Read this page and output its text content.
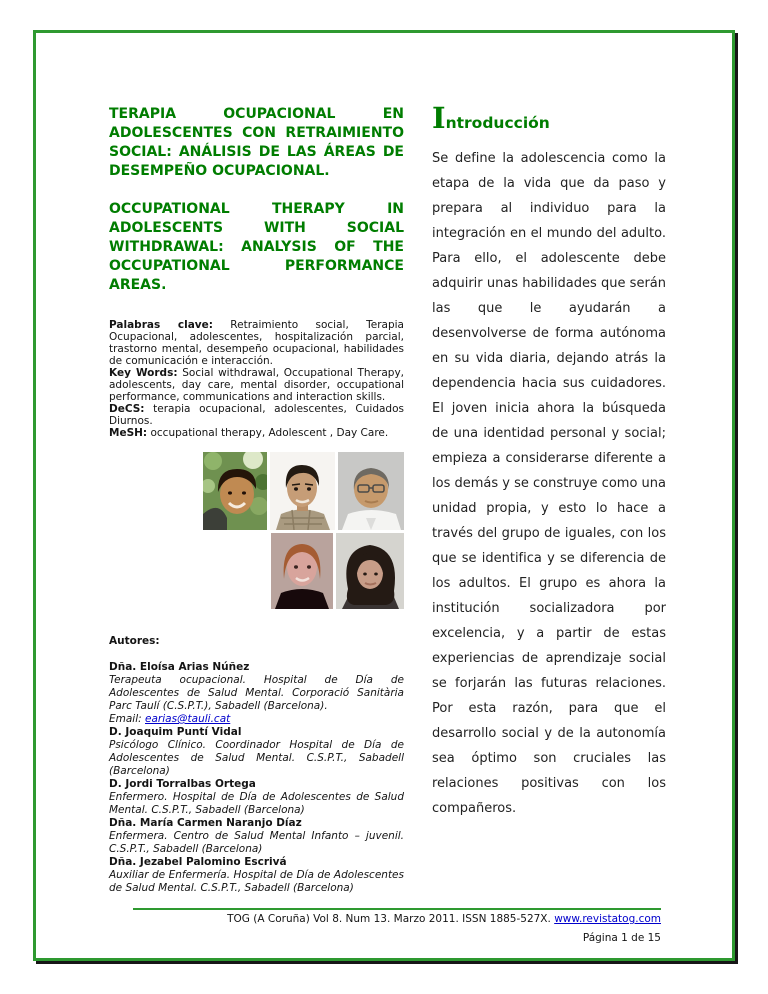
TERAPIA OCUPACIONAL EN ADOLESCENTES CON RETRAIMIENTO SOCIAL: ANÁLISIS DE LAS ÁREAS DE DESEMPEÑO OCUPACIONAL.
OCCUPATIONAL THERAPY IN ADOLESCENTS WITH SOCIAL WITHDRAWAL: ANALYSIS OF THE OCCUPATIONAL PERFORMANCE AREAS.

Palabras clave: Retraimiento social, Terapia Ocupacional, adolescentes, hospitalización parcial, trastorno mental, desempeño ocupacional, habilidades de comunicación e interacción.

Key Words: Social withdrawal, Occupational Therapy, adolescents, day care, mental disorder, occupational performance, communications and interaction skills.

DeCS: terapia ocupacional, adolescentes, Cuidados Diurnos.

MeSH: occupational therapy, Adolescent , Day Care.

Autores:

Dña. Eloísa Arias Núñez

Terapeuta ocupacional. Hospital de Día de Adolescentes de Salud Mental. Corporació Sanitària Parc Taulí (C.S.P.T.), Sabadell (Barcelona).

Email: earias@tauli.cat

D. Joaquim Puntí Vidal

Psicólogo Clínico. Coordinador Hospital de Día de Adolescentes de Salud Mental. C.S.P.T., Sabadell (Barcelona)

D. Jordi Torralbas Ortega

Enfermero. Hospital de Día de Adolescentes de Salud Mental. C.S.P.T., Sabadell (Barcelona)

Dña. María Carmen Naranjo Díaz

Enfermera. Centro de Salud Mental Infanto – juvenil. C.S.P.T., Sabadell (Barcelona)

Dña. Jezabel Palomino Escrivá

Auxiliar de Enfermería. Hospital de Día de Adolescentes de Salud Mental. C.S.P.T., Sabadell (Barcelona)

Introducción

Se define la adolescencia como la etapa de la vida que da paso y prepara al individuo para la integración en el mundo del adulto. Para ello, el adolescente debe adquirir unas habilidades que serán las que le ayudarán a desenvolverse de forma autónoma en su vida diaria, dejando atrás la dependencia hacia sus cuidadores. El joven inicia ahora la búsqueda de una identidad personal y social; empieza a considerarse diferente a los demás y se construye como una unidad propia, y esto lo hace a través del grupo de iguales, con los que se identifica y se diferencia de los adultos. El grupo es ahora la institución socializadora por excelencia, y a partir de estas experiencias de aprendizaje social se forjarán las futuras relaciones. Por esta razón, para que el desarrollo social y de la autonomía sea óptimo son cruciales las relaciones positivas con los compañeros.

TOG (A Coruña) Vol 8. Num 13. Marzo 2011. ISSN 1885-527X. www.revistatog.com
Página 1 de 15
